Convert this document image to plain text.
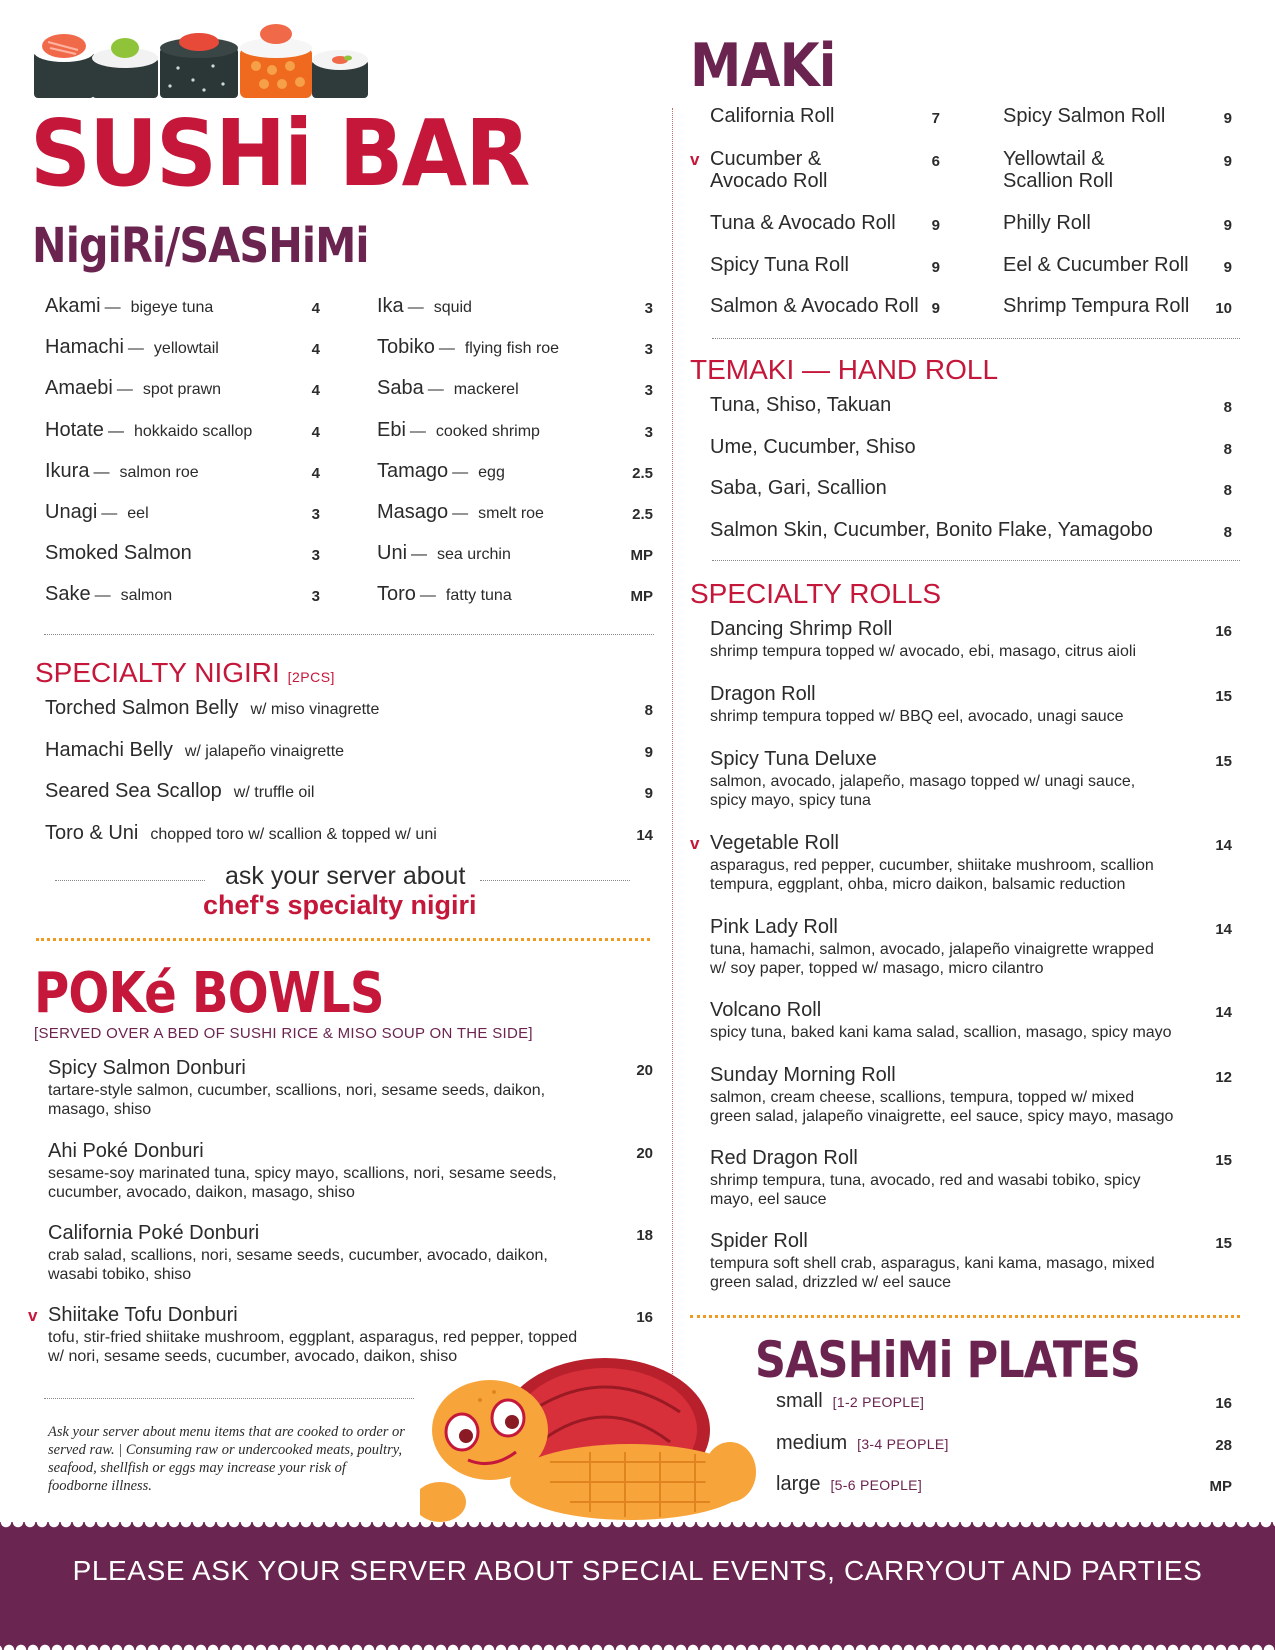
SUSHi BAR
NigiRi/SASHiMi
SPECIALTY NIGIRI [2PCS]
ask your server about
chef's specialty nigiri
POKé BOWLS
[SERVED OVER A BED OF SUSHI RICE & MISO SOUP ON THE SIDE]
Ask your server about menu items that are cooked to order or served raw. | Consuming raw or undercooked meats, poultry, seafood, shellfish or eggs may increase your risk of foodborne illness.
MAKi
TEMAKI — HAND ROLL
SPECIALTY ROLLS
SASHiMi PLATES
PLEASE ASK YOUR SERVER ABOUT SPECIAL EVENTS, CARRYOUT AND PARTIES
Akami — bigeye tuna	4
Hamachi — yellowtail	4
Amaebi — spot prawn	4
Hotate — hokkaido scallop	4
Ikura — salmon roe	4
Unagi — eel	3
Smoked Salmon	3
Sake — salmon	3
Ika — squid	3
Tobiko — flying fish roe	3
Saba — mackerel	3
Ebi — cooked shrimp	3
Tamago — egg	2.5
Masago — smelt roe	2.5
Uni — sea urchin	MP
Toro — fatty tuna	MP
Torched Salmon Belly w/ miso vinagrette	8
Hamachi Belly w/ jalapeño vinaigrette	9
Seared Sea Scallop w/ truffle oil	9
Toro & Uni chopped toro w/ scallion & topped w/ uni	14
Spicy Salmon Donburi	20
tartare-style salmon, cucumber, scallions, nori, sesame seeds, daikon,
masago, shiso
Ahi Poké Donburi	20
sesame-soy marinated tuna, spicy mayo, scallions, nori, sesame seeds,
cucumber, avocado, daikon, masago, shiso
California Poké Donburi	18
crab salad, scallions, nori, sesame seeds, cucumber, avocado, daikon,
wasabi tobiko, shiso
v Shiitake Tofu Donburi	16
tofu, stir-fried shiitake mushroom, eggplant, asparagus, red pepper, topped
w/ nori, sesame seeds, cucumber, avocado, daikon, shiso
California Roll	7
v Cucumber &
Avocado Roll
6
Tuna & Avocado Roll	9
Spicy Tuna Roll	9
Salmon & Avocado Roll 9
Spicy Salmon Roll	9
Yellowtail &
Scallion Roll
9
Philly Roll	9
Eel & Cucumber Roll	9
Shrimp Tempura Roll	10
Tuna, Shiso, Takuan	8
Ume, Cucumber, Shiso	8
Saba, Gari, Scallion	8
Salmon Skin, Cucumber, Bonito Flake, Yamagobo	8
Dancing Shrimp Roll	16
shrimp tempura topped w/ avocado, ebi, masago, citrus aioli
Dragon Roll	15
shrimp tempura topped w/ BBQ eel, avocado, unagi sauce
Spicy Tuna Deluxe	15
salmon, avocado, jalapeño, masago topped w/ unagi sauce,
spicy mayo, spicy tuna
v Vegetable Roll	14
asparagus, red pepper, cucumber, shiitake mushroom, scallion
tempura, eggplant, ohba, micro daikon, balsamic reduction
Pink Lady Roll	14
tuna, hamachi, salmon, avocado, jalapeño vinaigrette wrapped
w/ soy paper, topped w/ masago, micro cilantro
Volcano Roll	14
spicy tuna, baked kani kama salad, scallion, masago, spicy mayo
Sunday Morning Roll	12
salmon, cream cheese, scallions, tempura, topped w/ mixed
green salad, jalapeño vinaigrette, eel sauce, spicy mayo, masago
Red Dragon Roll	15
shrimp tempura, tuna, avocado, red and wasabi tobiko, spicy
mayo, eel sauce
Spider Roll	15
tempura soft shell crab, asparagus, kani kama, masago, mixed
green salad, drizzled w/ eel sauce
small [1-2 PEOPLE]	16
medium [3-4 PEOPLE]	28
large [5-6 PEOPLE]	MP
